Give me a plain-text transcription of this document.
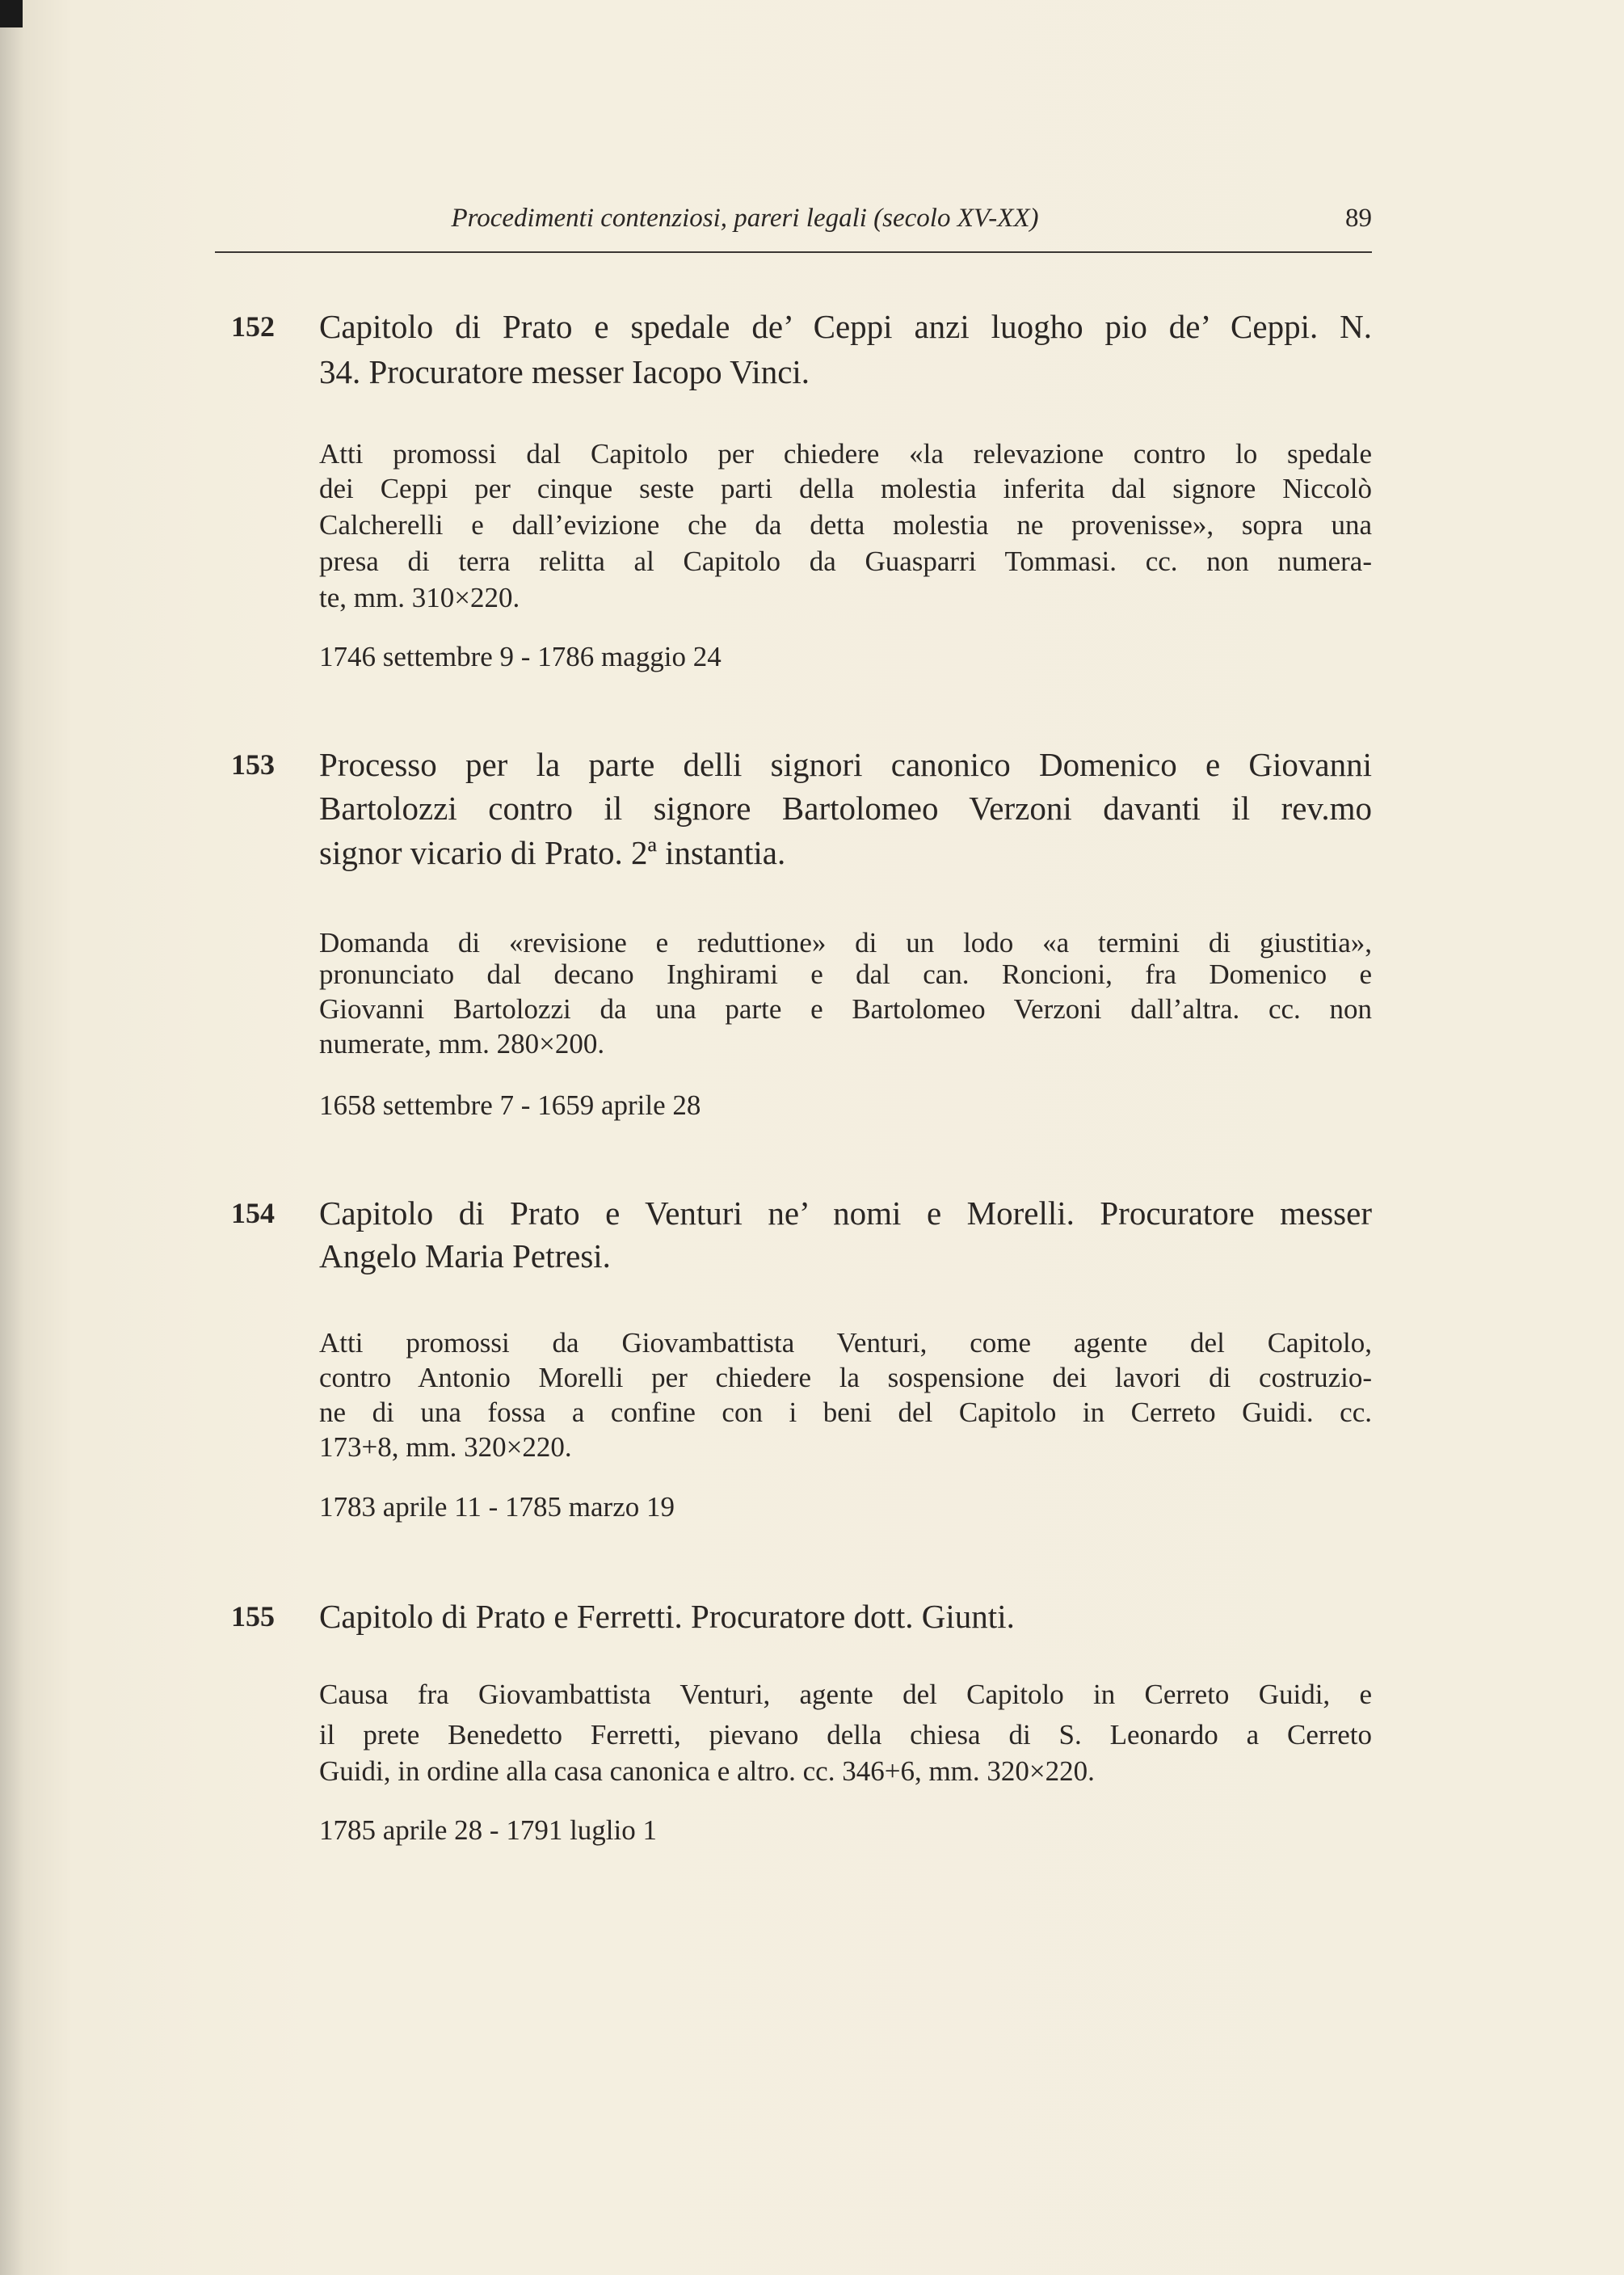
Procedimenti contenziosi, pareri legali (secolo XV-XX)	89
152 Capitolo di Prato e spedale de’ Ceppi anzi luogho pio de’ Ceppi. N.
34. Procuratore messer Iacopo Vinci.
Atti promossi dal Capitolo per chiedere «la relevazione contro lo spedale
dei Ceppi per cinque seste parti della molestia inferita dal signore Niccolò
Calcherelli e dall’evizione che da detta molestia ne provenisse», sopra una
presa di terra relitta al Capitolo da Guasparri Tommasi. cc. non numera-
te, mm. 310×220.
1746 settembre 9 - 1786 maggio 24
153 Processo per la parte delli signori canonico Domenico e Giovanni
Bartolozzi contro il signore Bartolomeo Verzoni davanti il rev.mo
signor vicario di Prato. 2ª instantia.
Domanda di «revisione e reduttione» di un lodo «a termini di giustitia»,
pronunciato dal decano Inghirami e dal can. Roncioni, fra Domenico e
Giovanni Bartolozzi da una parte e Bartolomeo Verzoni dall’altra. cc. non
numerate, mm. 280×200.
1658 settembre 7 - 1659 aprile 28
154 Capitolo di Prato e Venturi ne’ nomi e Morelli. Procuratore messer
Angelo Maria Petresi.
Atti promossi da Giovambattista Venturi, come agente del Capitolo,
contro Antonio Morelli per chiedere la sospensione dei lavori di costruzio-
ne di una fossa a confine con i beni del Capitolo in Cerreto Guidi. cc.
173+8, mm. 320×220.
1783 aprile 11 - 1785 marzo 19
155 Capitolo di Prato e Ferretti. Procuratore dott. Giunti.
Causa fra Giovambattista Venturi, agente del Capitolo in Cerreto Guidi, e
il prete Benedetto Ferretti, pievano della chiesa di S. Leonardo a Cerreto
Guidi, in ordine alla casa canonica e altro. cc. 346+6, mm. 320×220.
1785 aprile 28 - 1791 luglio 1
